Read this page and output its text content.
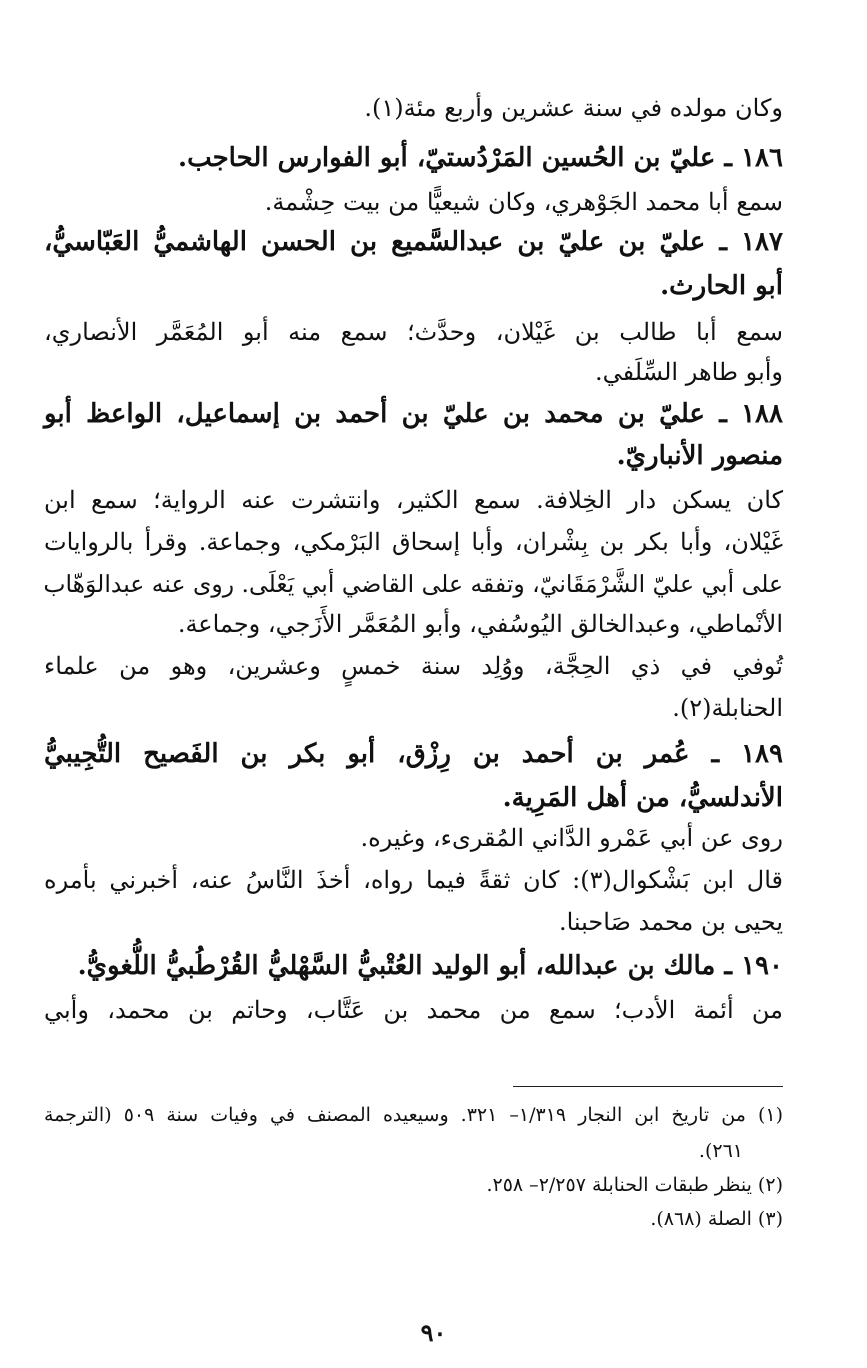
وكان مولده في سنة عشرين وأربع مئة(١).
١٨٦ ـ عليّ بن الحُسين المَرْدُستيّ، أبو الفوارس الحاجب.
سمع أبا محمد الجَوْهري، وكان شيعيًّا من بيت حِشْمة.
١٨٧ ـ عليّ بن عليّ بن عبدالسَّميع بن الحسن الهاشميُّ العَبّاسيُّ،
أبو الحارث.
سمع أبا طالب بن غَيْلان، وحدَّث؛ سمع منه أبو المُعَمَّر الأنصاري،
وأبو طاهر السِّلَفي.
١٨٨ ـ عليّ بن محمد بن عليّ بن أحمد بن إسماعيل، الواعظ أبو
منصور الأنباريّ.
كان يسكن دار الخِلافة. سمع الكثير، وانتشرت عنه الرواية؛ سمع ابن
غَيْلان، وأبا بكر بن بِشْران، وأبا إسحاق البَرْمكي، وجماعة. وقرأ بالروايات
على أبي عليّ الشَّرْمَقَانيّ، وتفقه على القاضي أبي يَعْلَى. روى عنه عبدالوَهّاب
الأنْماطي، وعبدالخالق اليُوسُفي، وأبو المُعَمَّر الأَزَجي، وجماعة.
تُوفي في ذي الحِجَّة، ووُلِد سنة خمسٍ وعشرين، وهو من علماء
الحنابلة(٢).
١٨٩ ـ عُمر بن أحمد بن رِزْق، أبو بكر بن الفَصيح التُّجِيبيُّ
الأندلسيُّ، من أهل المَرِية.
روى عن أبي عَمْرو الدَّاني المُقرىء، وغيره.
قال ابن بَشْكوال(٣): كان ثقةً فيما رواه، أخذَ النَّاسُ عنه، أخبرني بأمره
يحيى بن محمد صَاحبنا.
١٩٠ ـ مالك بن عبدالله، أبو الوليد العُتْبيُّ السَّهْليُّ القُرْطُبيُّ اللُّغويُّ.
من أئمة الأدب؛ سمع من محمد بن عَتَّاب، وحاتم بن محمد، وأبي
(١) من تاريخ ابن النجار ١/٣١٩– ٣٢١. وسيعيده المصنف في وفيات سنة ٥٠٩ (الترجمة
٢٦١).
(٢) ينظر طبقات الحنابلة ٢/٢٥٧– ٢٥٨.
(٣) الصلة (٨٦٨).
٩٠
